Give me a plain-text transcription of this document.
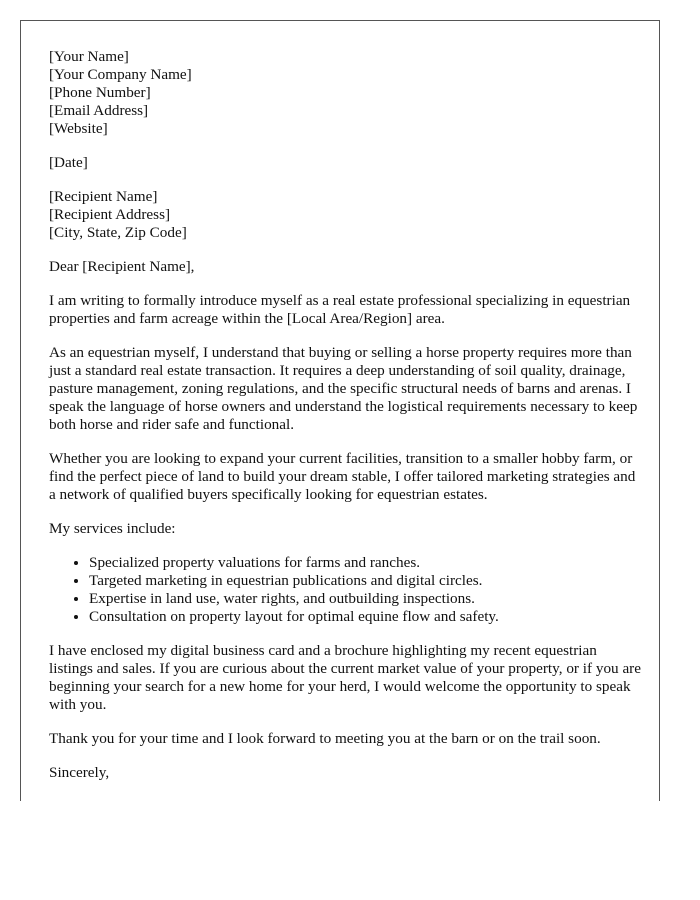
[Your Name]
[Your Company Name]
[Phone Number]
[Email Address]
[Website]
[Date]
[Recipient Name]
[Recipient Address]
[City, State, Zip Code]

Dear [Recipient Name],

I am writing to formally introduce myself as a real estate professional specializing in equestrian properties and farm acreage within the [Local Area/Region] area.

As an equestrian myself, I understand that buying or selling a horse property requires more than just a standard real estate transaction. It requires a deep understanding of soil quality, drainage, pasture management, zoning regulations, and the specific structural needs of barns and arenas. I speak the language of horse owners and understand the logistical requirements necessary to keep both horse and rider safe and functional.

Whether you are looking to expand your current facilities, transition to a smaller hobby farm, or find the perfect piece of land to build your dream stable, I offer tailored marketing strategies and a network of qualified buyers specifically looking for equestrian estates.

My services include:

• Specialized property valuations for farms and ranches.
• Targeted marketing in equestrian publications and digital circles.
• Expertise in land use, water rights, and outbuilding inspections.
• Consultation on property layout for optimal equine flow and safety.

I have enclosed my digital business card and a brochure highlighting my recent equestrian listings and sales. If you are curious about the current market value of your property, or if you are beginning your search for a new home for your herd, I would welcome the opportunity to speak with you.

Thank you for your time and I look forward to meeting you at the barn or on the trail soon.

Sincerely,
